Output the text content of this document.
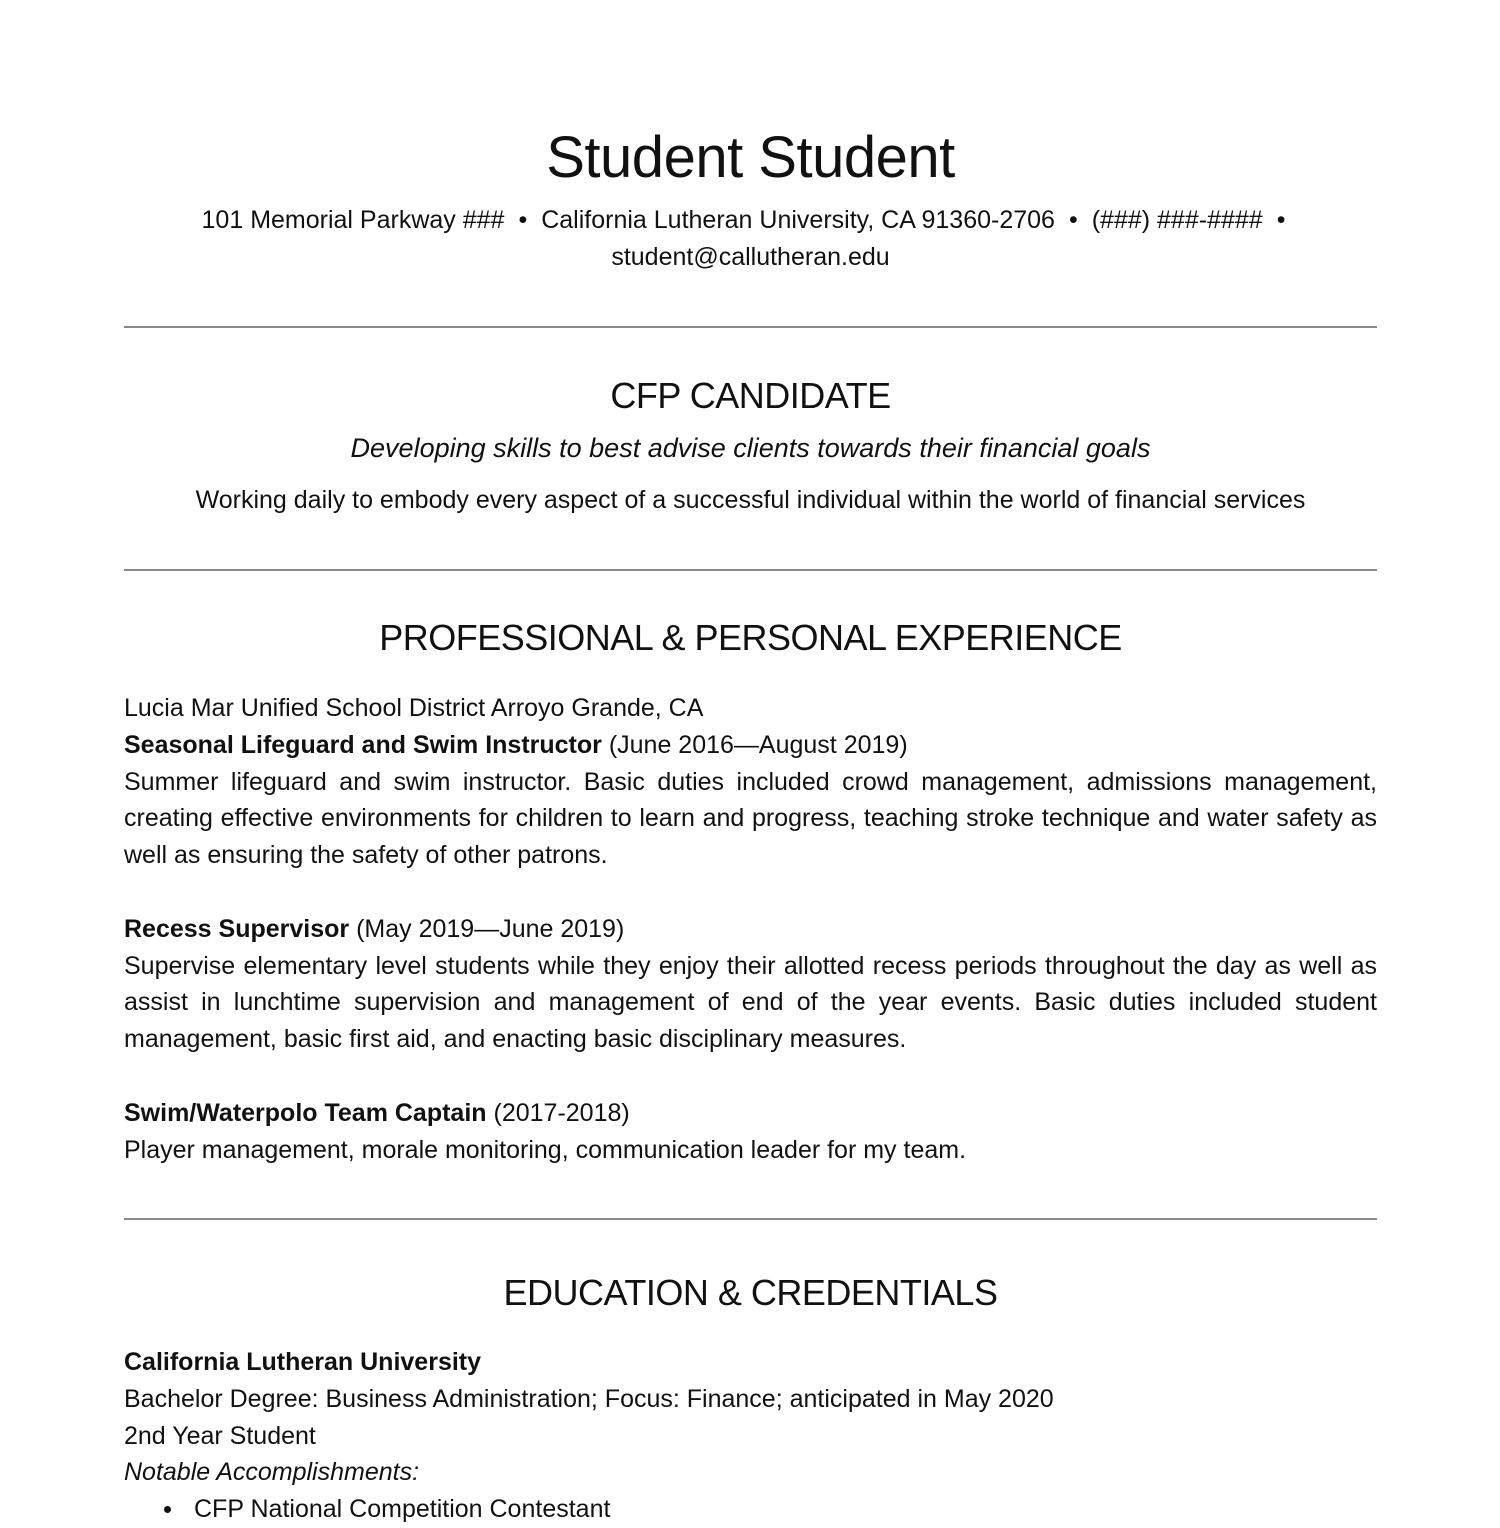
Student Student
101 Memorial Parkway ### • California Lutheran University, CA 91360-2706 • (###) ###-#### •
student@callutheran.edu
CFP CANDIDATE
Developing skills to best advise clients towards their financial goals
Working daily to embody every aspect of a successful individual within the world of financial services
PROFESSIONAL & PERSONAL EXPERIENCE
Lucia Mar Unified School District Arroyo Grande, CA
Seasonal Lifeguard and Swim Instructor (June 2016—August 2019)
Summer lifeguard and swim instructor. Basic duties included crowd management, admissions management, creating effective environments for children to learn and progress, teaching stroke technique and water safety as well as ensuring the safety of other patrons.
Recess Supervisor (May 2019—June 2019)
Supervise elementary level students while they enjoy their allotted recess periods throughout the day as well as assist in lunchtime supervision and management of end of the year events. Basic duties included student management, basic first aid, and enacting basic disciplinary measures.
Swim/Waterpolo Team Captain (2017-2018)
Player management, morale monitoring, communication leader for my team.
EDUCATION & CREDENTIALS
California Lutheran University
Bachelor Degree: Business Administration; Focus: Finance; anticipated in May 2020
2nd Year Student
Notable Accomplishments:
CFP National Competition Contestant
